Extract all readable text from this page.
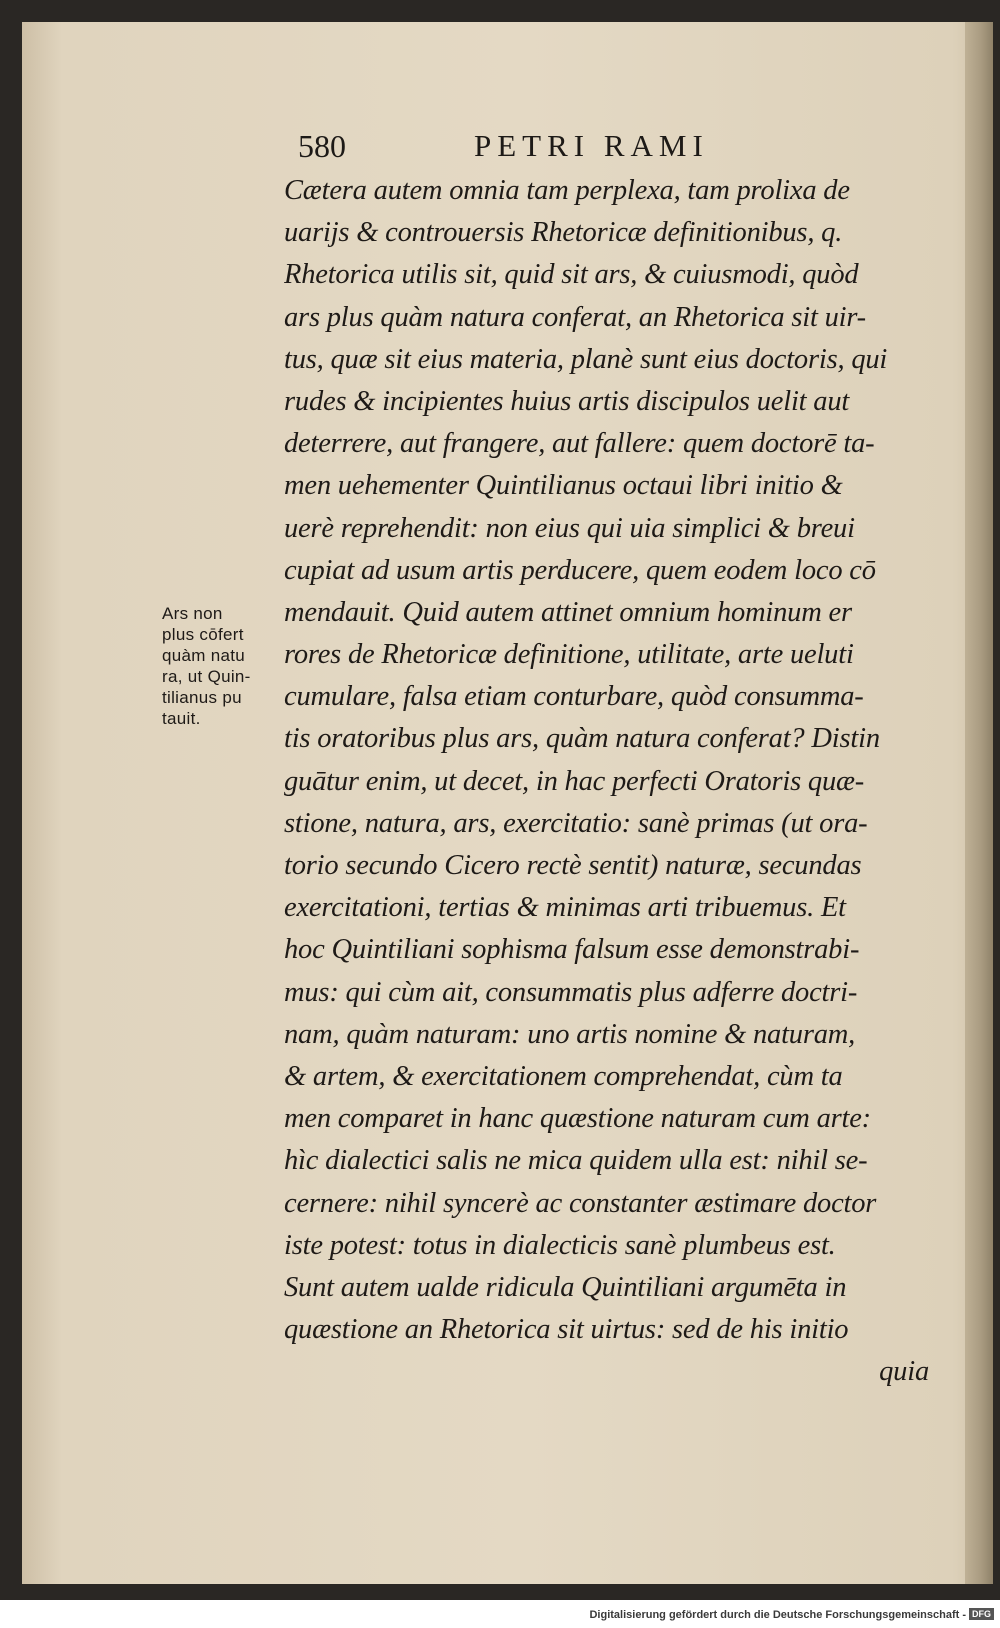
580	PETRI RAMI
Cætera autem omnia tam perplexa, tam prolixa de
uarijs & controuersis Rhetoricæ definitionibus, q.
Rhetorica utilis sit, quid sit ars, & cuiusmodi, quòd
ars plus quàm natura conferat, an Rhetorica sit uir-
tus, quæ sit eius materia, planè sunt eius doctoris, qui
rudes & incipientes huius artis discipulos uelit aut
deterrere, aut frangere, aut fallere: quem doctorē ta-
men uehementer Quintilianus octaui libri initio &
uerè reprehendit: non eius qui uia simplici & breui
cupiat ad usum artis perducere, quem eodem loco cō
mendauit. Quid autem attinet omnium hominum er
rores de Rhetoricæ definitione, utilitate, arte ueluti
cumulare, falsa etiam conturbare, quòd consumma-
tis oratoribus plus ars, quàm natura conferat? Distin
guātur enim, ut decet, in hac perfecti Oratoris quæ-
stione, natura, ars, exercitatio: sanè primas (ut ora-
torio secundo Cicero rectè sentit) naturæ, secundas
exercitationi, tertias & minimas arti tribuemus. Et
hoc Quintiliani sophisma falsum esse demonstrabi-
mus: qui cùm ait, consummatis plus adferre doctri-
nam, quàm naturam: uno artis nomine & naturam,
& artem, & exercitationem comprehendat, cùm ta
men comparet in hanc quæstione naturam cum arte:
hìc dialectici salis ne mica quidem ulla est: nihil se-
cernere: nihil syncerè ac constanter æstimare doctor
iste potest: totus in dialecticis sanè plumbeus est.
Sunt autem ualde ridicula Quintiliani argumēta in
quæstione an Rhetorica sit uirtus: sed de his initio
quia
Ars non
plus cōfert
quàm natu
ra, ut Quin-
tilianus pu
tauit.
Digitalisierung gefördert durch die Deutsche Forschungsgemeinschaft - DFG
